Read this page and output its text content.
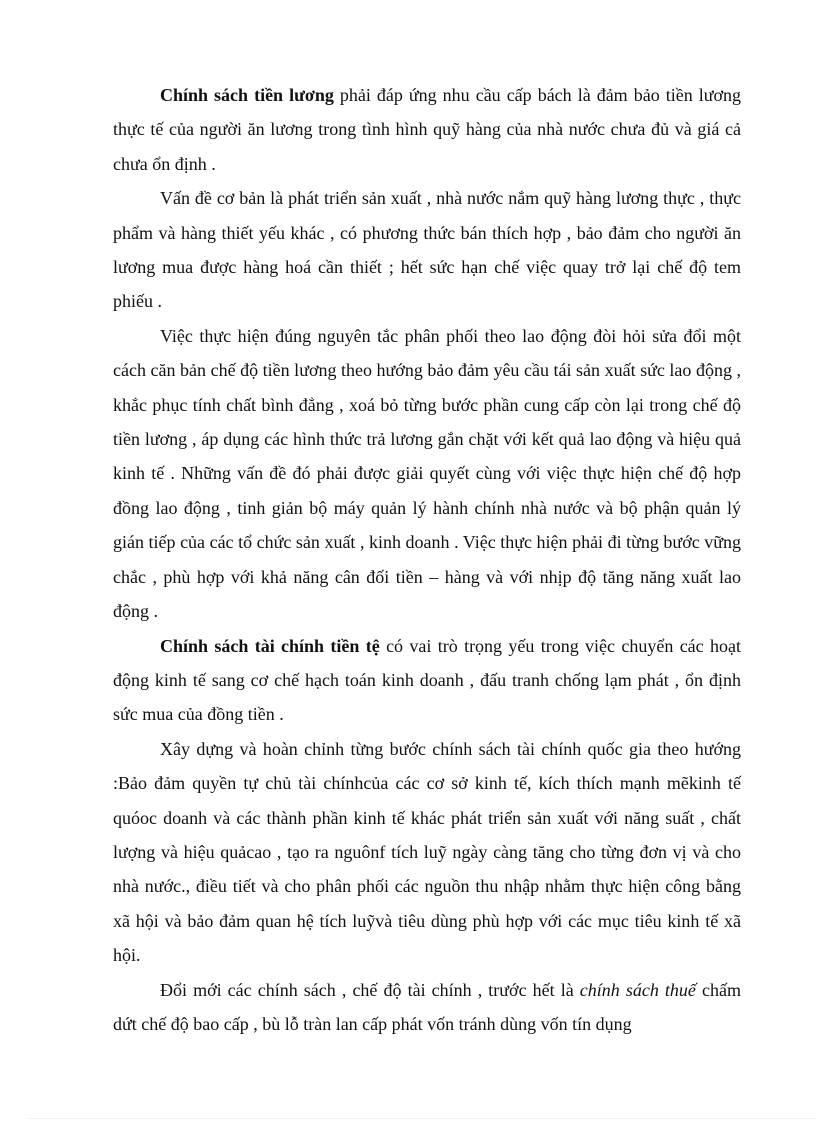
Chính sách tiền lương phải đáp ứng nhu cầu cấp bách là đảm bảo tiền lương thực tế của người ăn lương trong tình hình quỹ hàng của nhà nước chưa đủ và giá cả chưa ổn định .

Vấn đề cơ bản là phát triển sản xuất , nhà nước nắm quỹ hàng lương thực , thực phẩm và hàng thiết yếu khác , có phương thức bán thích hợp , bảo đảm cho người ăn lương mua được hàng hoá cần thiết ; hết sức hạn chế việc quay trở lại chế độ tem phiếu .

Việc thực hiện đúng nguyên tắc phân phối theo lao động đòi hỏi sửa đổi một cách căn bản chế độ tiền lương theo hướng bảo đảm yêu cầu tái sản xuất sức lao động , khắc phục tính chất bình đẳng , xoá bỏ từng bước phần cung cấp còn lại trong chế độ tiền lương , áp dụng các hình thức trả lương gắn chặt với kết quả lao động và hiệu quả kinh tế . Những vấn đề đó phải được giải quyết cùng với việc thực hiện chế độ hợp đồng lao động , tinh giản bộ máy quản lý hành chính nhà nước và bộ phận quản lý gián tiếp của các tổ chức sản xuất , kinh doanh . Việc thực hiện phải đi từng bước vững chắc , phù hợp với khả năng cân đối tiền – hàng và với nhịp độ tăng năng xuất lao động .

Chính sách tài chính tiền tệ có vai trò trọng yếu trong việc chuyển các hoạt động kinh tế sang cơ chế hạch toán kinh doanh , đấu tranh chống lạm phát , ổn định sức mua của đồng tiền .

Xây dựng và hoàn chỉnh từng bước chính sách tài chính quốc gia theo hướng :Bảo đảm quyền tự chủ tài chínhcủa các cơ sở kinh tế, kích thích mạnh mẽkinh tế quóoc doanh và các thành phần kinh tế khác phát triển sản xuất với năng suất , chất lượng và hiệu quảcao , tạo ra nguônf tích luỹ ngày càng tăng cho từng đơn vị và cho nhà nước., điều tiết và cho phân phối các nguồn thu nhập nhằm thực hiện công bằng xã hội và bảo đảm quan hệ tích luỹvà tiêu dùng phù hợp với các mục tiêu kinh tế xã hội.

Đổi mới các chính sách , chế độ tài chính , trước hết là chính sách thuế chấm dứt chế độ bao cấp , bù lỗ tràn lan cấp phát vốn tránh dùng vốn tín dụng
